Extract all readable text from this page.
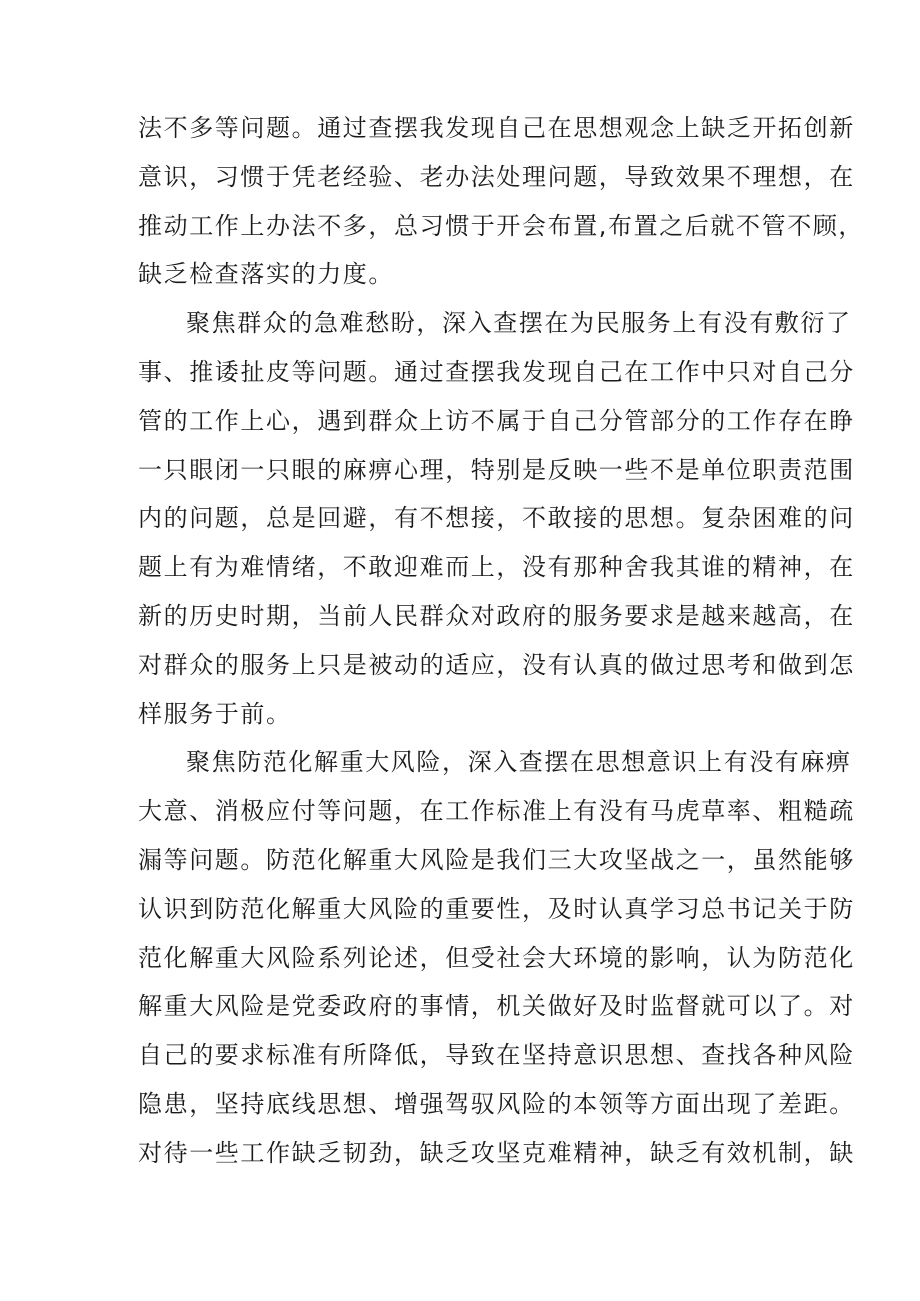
法不多等问题。通过查摆我发现自己在思想观念上缺乏开拓创新
意识，习惯于凭老经验、老办法处理问题，导致效果不理想，在
推动工作上办法不多，总习惯于开会布置,布置之后就不管不顾，
缺乏检查落实的力度。
聚焦群众的急难愁盼，深入查摆在为民服务上有没有敷衍了
事、推诿扯皮等问题。通过查摆我发现自己在工作中只对自己分
管的工作上心，遇到群众上访不属于自己分管部分的工作存在睁
一只眼闭一只眼的麻痹心理，特别是反映一些不是单位职责范围
内的问题，总是回避，有不想接，不敢接的思想。复杂困难的问
题上有为难情绪，不敢迎难而上，没有那种舍我其谁的精神，在
新的历史时期，当前人民群众对政府的服务要求是越来越高，在
对群众的服务上只是被动的适应，没有认真的做过思考和做到怎
样服务于前。
聚焦防范化解重大风险，深入查摆在思想意识上有没有麻痹
大意、消极应付等问题，在工作标准上有没有马虎草率、粗糙疏
漏等问题。防范化解重大风险是我们三大攻坚战之一，虽然能够
认识到防范化解重大风险的重要性，及时认真学习总书记关于防
范化解重大风险系列论述，但受社会大环境的影响，认为防范化
解重大风险是党委政府的事情，机关做好及时监督就可以了。对
自己的要求标准有所降低，导致在坚持意识思想、查找各种风险
隐患，坚持底线思想、增强驾驭风险的本领等方面出现了差距。
对待一些工作缺乏韧劲，缺乏攻坚克难精神，缺乏有效机制，缺
